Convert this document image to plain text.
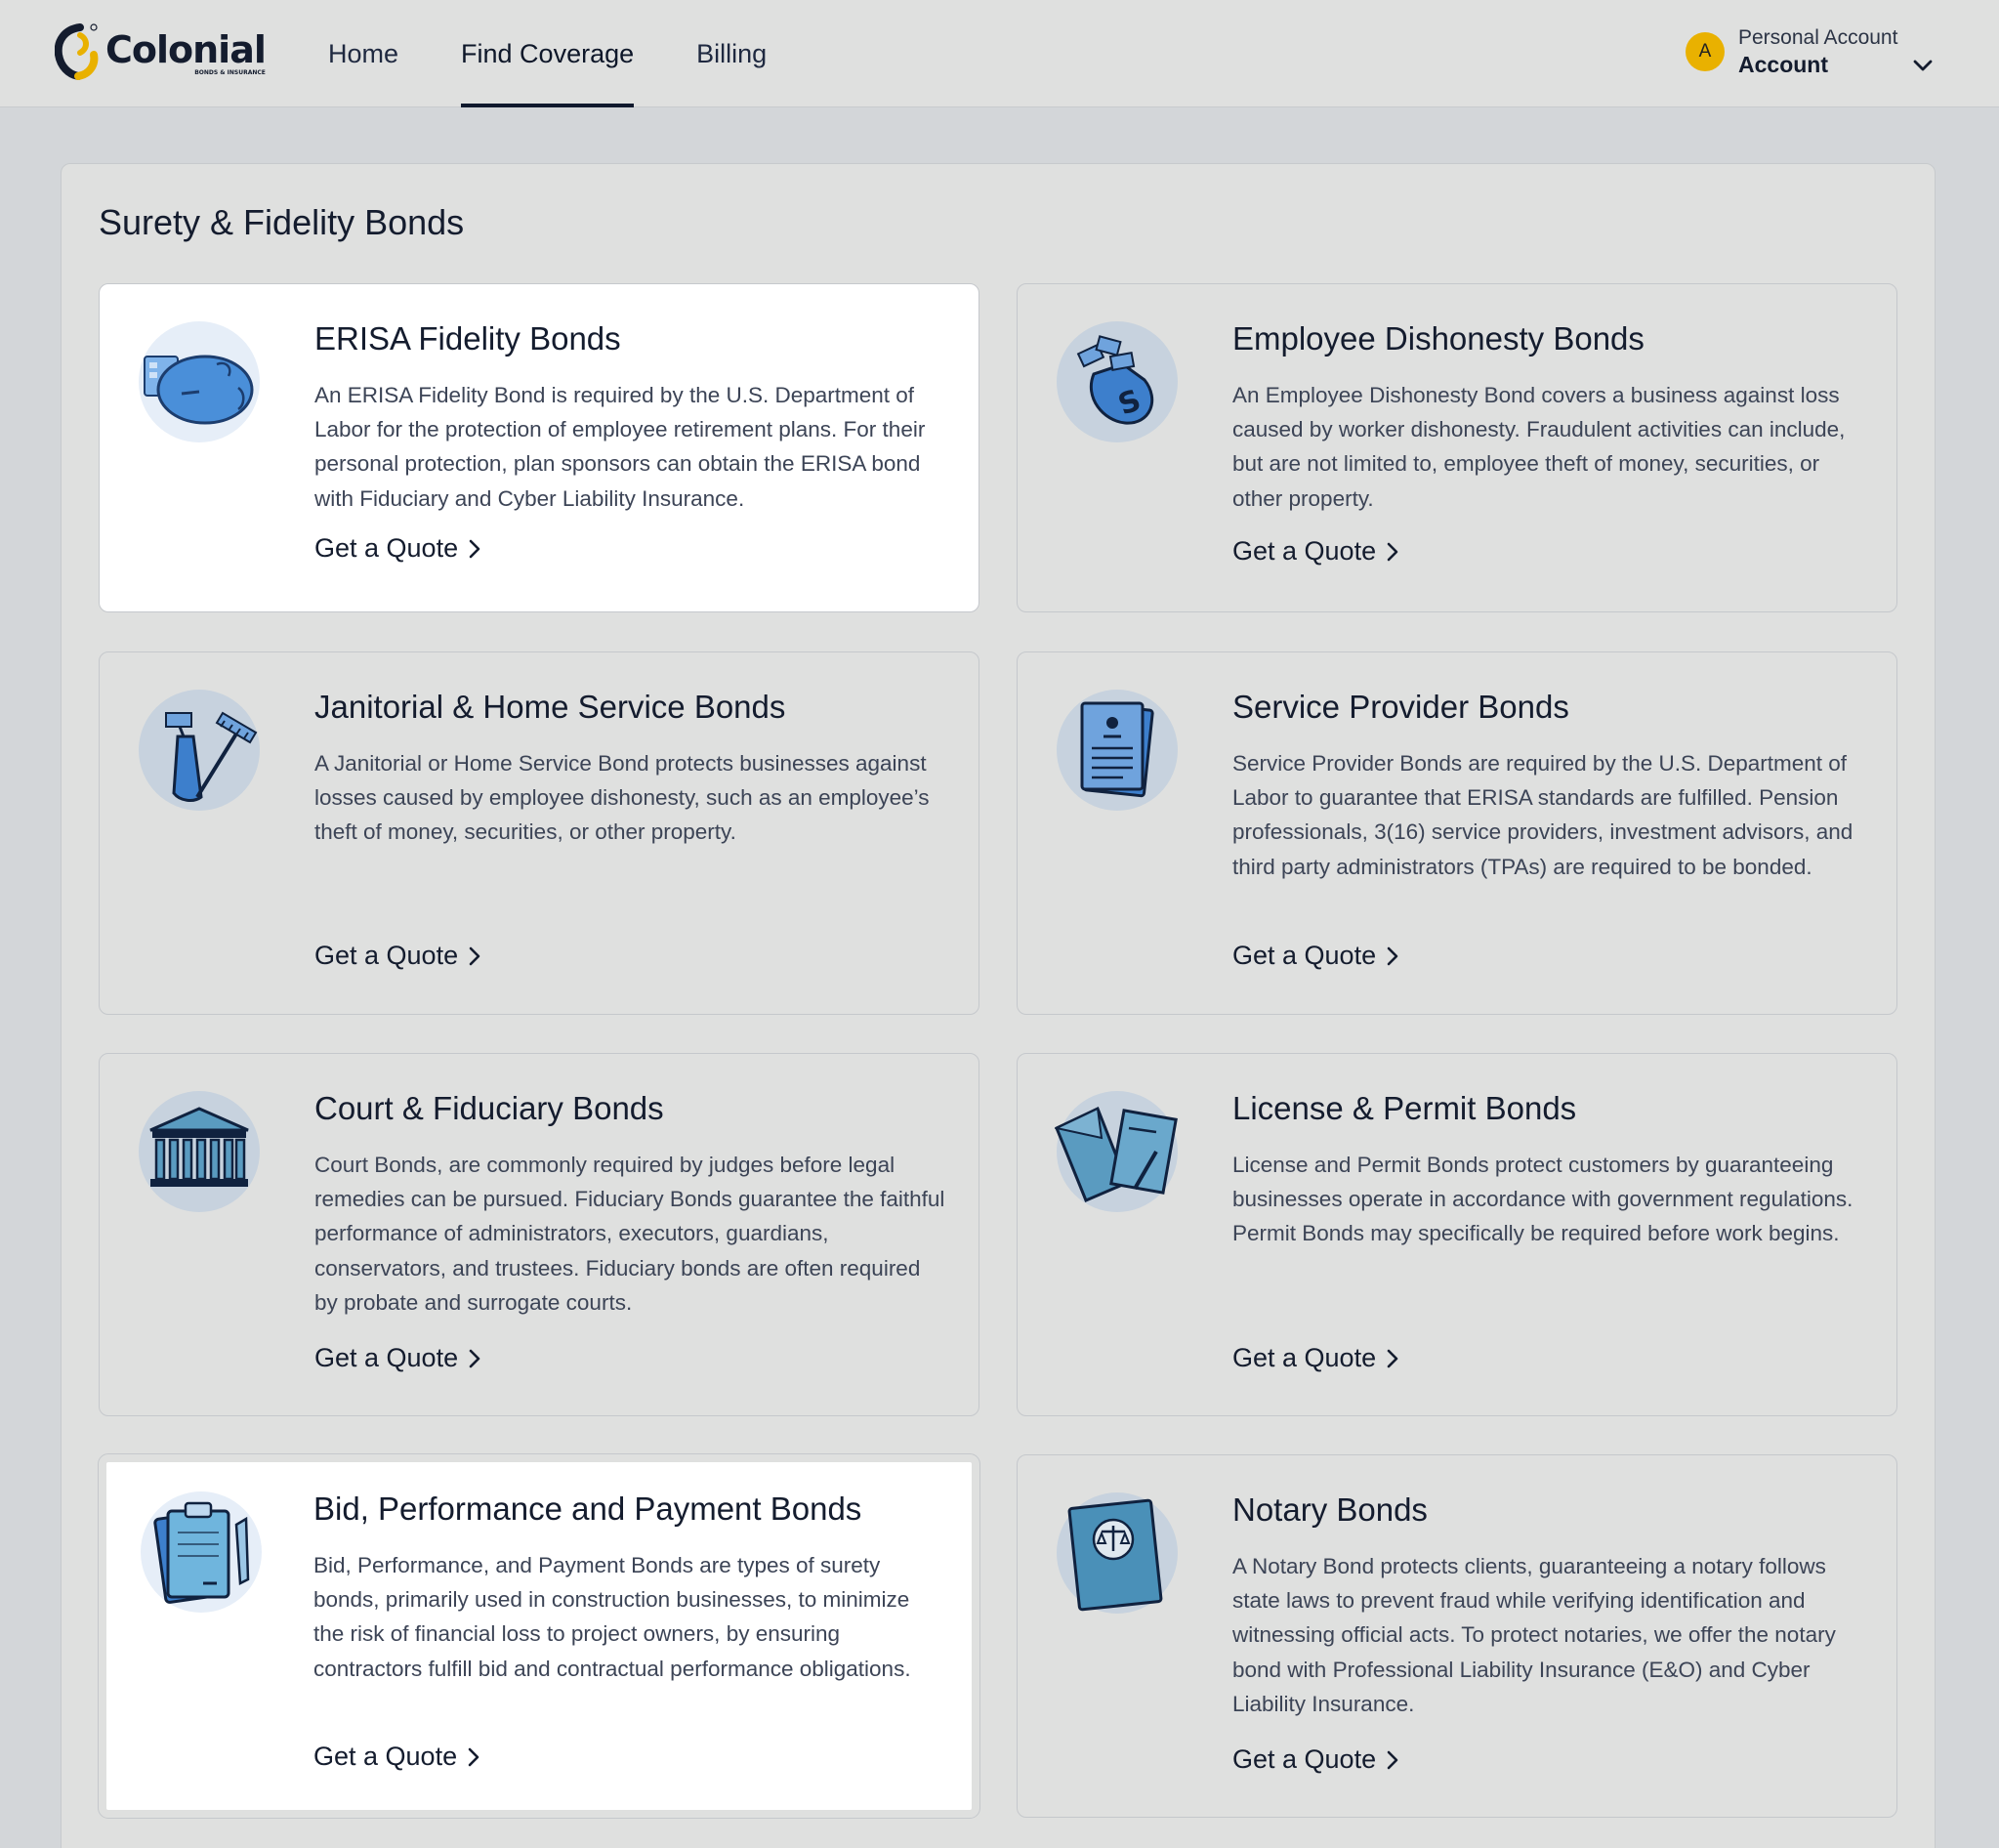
Colonial
BONDS & INSURANCE
Home Find Coverage Billing	A
Personal Account
Account
Surety & Fidelity Bonds
ERISA Fidelity Bonds
An ERISA Fidelity Bond is required by the U.S. Department of Labor for the protection of employee retirement plans. For their personal protection, plan sponsors can obtain the ERISA bond with Fiduciary and Cyber Liability Insurance.
Get a Quote
S
Employee Dishonesty Bonds
An Employee Dishonesty Bond covers a business against loss caused by worker dishonesty. Fraudulent activities can include, but are not limited to, employee theft of money, securities, or other property.
Get a Quote
Janitorial & Home Service Bonds
A Janitorial or Home Service Bond protects businesses against losses caused by employee dishonesty, such as an employee’s theft of money, securities, or other property.
Get a Quote
Service Provider Bonds
Service Provider Bonds are required by the U.S. Department of Labor to guarantee that ERISA standards are fulfilled. Pension professionals, 3(16) service providers, investment advisors, and third party administrators (TPAs) are required to be bonded.
Get a Quote
Court & Fiduciary Bonds
Court Bonds, are commonly required by judges before legal remedies can be pursued. Fiduciary Bonds guarantee the faithful performance of administrators, executors, guardians, conservators, and trustees. Fiduciary bonds are often required by probate and surrogate courts.
Get a Quote
License & Permit Bonds
License and Permit Bonds protect customers by guaranteeing businesses operate in accordance with government regulations. Permit Bonds may specifically be required before work begins.
Get a Quote
Bid, Performance and Payment Bonds
Bid, Performance, and Payment Bonds are types of surety bonds, primarily used in construction businesses, to minimize the risk of financial loss to project owners, by ensuring contractors fulfill bid and contractual performance obligations.
Get a Quote
Notary Bonds
A Notary Bond protects clients, guaranteeing a notary follows state laws to prevent fraud while verifying identification and witnessing official acts. To protect notaries, we offer the notary bond with Professional Liability Insurance (E&O) and Cyber Liability Insurance.
Get a Quote
